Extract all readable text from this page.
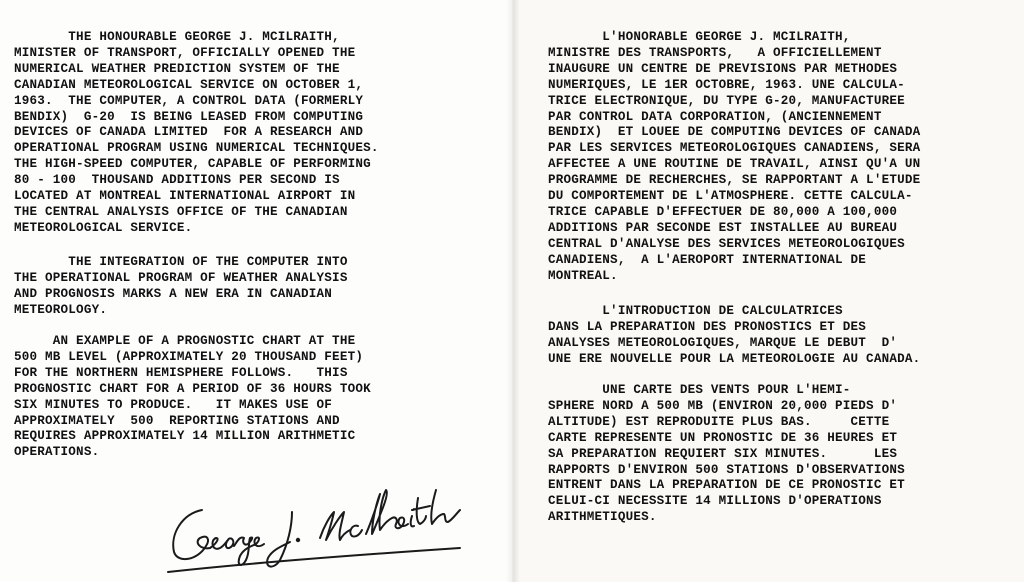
THE HONOURABLE GEORGE J. MCILRAITH,
MINISTER OF TRANSPORT, OFFICIALLY OPENED THE
NUMERICAL WEATHER PREDICTION SYSTEM OF THE
CANADIAN METEOROLOGICAL SERVICE ON OCTOBER 1,
1963.  THE COMPUTER, A CONTROL DATA (FORMERLY
BENDIX)  G-20  IS BEING LEASED FROM COMPUTING
DEVICES OF CANADA LIMITED  FOR A RESEARCH AND
OPERATIONAL PROGRAM USING NUMERICAL TECHNIQUES.
THE HIGH-SPEED COMPUTER, CAPABLE OF PERFORMING
80 - 100  THOUSAND ADDITIONS PER SECOND IS
LOCATED AT MONTREAL INTERNATIONAL AIRPORT IN
THE CENTRAL ANALYSIS OFFICE OF THE CANADIAN
METEOROLOGICAL SERVICE.

THE INTEGRATION OF THE COMPUTER INTO
THE OPERATIONAL PROGRAM OF WEATHER ANALYSIS
AND PROGNOSIS MARKS A NEW ERA IN CANADIAN
METEOROLOGY.

AN EXAMPLE OF A PROGNOSTIC CHART AT THE
500 MB LEVEL (APPROXIMATELY 20 THOUSAND FEET)
FOR THE NORTHERN HEMISPHERE FOLLOWS.   THIS
PROGNOSTIC CHART FOR A PERIOD OF 36 HOURS TOOK
SIX MINUTES TO PRODUCE.   IT MAKES USE OF
APPROXIMATELY  500  REPORTING STATIONS AND
REQUIRES APPROXIMATELY 14 MILLION ARITHMETIC
OPERATIONS.

L'HONORABLE GEORGE J. MCILRAITH,
MINISTRE DES TRANSPORTS,   A OFFICIELLEMENT
INAUGURE UN CENTRE DE PREVISIONS PAR METHODES
NUMERIQUES, LE 1ER OCTOBRE, 1963. UNE CALCULA-
TRICE ELECTRONIQUE, DU TYPE G-20, MANUFACTUREE
PAR CONTROL DATA CORPORATION, (ANCIENNEMENT
BENDIX)  ET LOUEE DE COMPUTING DEVICES OF CANADA
PAR LES SERVICES METEOROLOGIQUES CANADIENS, SERA
AFFECTEE A UNE ROUTINE DE TRAVAIL, AINSI QU'A UN
PROGRAMME DE RECHERCHES, SE RAPPORTANT A L'ETUDE
DU COMPORTEMENT DE L'ATMOSPHERE. CETTE CALCULA-
TRICE CAPABLE D'EFFECTUER DE 80,000 A 100,000
ADDITIONS PAR SECONDE EST INSTALLEE AU BUREAU
CENTRAL D'ANALYSE DES SERVICES METEOROLOGIQUES
CANADIENS,  A L'AEROPORT INTERNATIONAL DE
MONTREAL.

L'INTRODUCTION DE CALCULATRICES
DANS LA PREPARATION DES PRONOSTICS ET DES
ANALYSES METEOROLOGIQUES, MARQUE LE DEBUT  D'
UNE ERE NOUVELLE POUR LA METEOROLOGIE AU CANADA.

UNE CARTE DES VENTS POUR L'HEMI-
SPHERE NORD A 500 MB (ENVIRON 20,000 PIEDS D'
ALTITUDE) EST REPRODUITE PLUS BAS.     CETTE
CARTE REPRESENTE UN PRONOSTIC DE 36 HEURES ET
SA PREPARATION REQUIERT SIX MINUTES.      LES
RAPPORTS D'ENVIRON 500 STATIONS D'OBSERVATIONS
ENTRENT DANS LA PREPARATION DE CE PRONOSTIC ET
CELUI-CI NECESSITE 14 MILLIONS D'OPERATIONS
ARITHMETIQUES.
